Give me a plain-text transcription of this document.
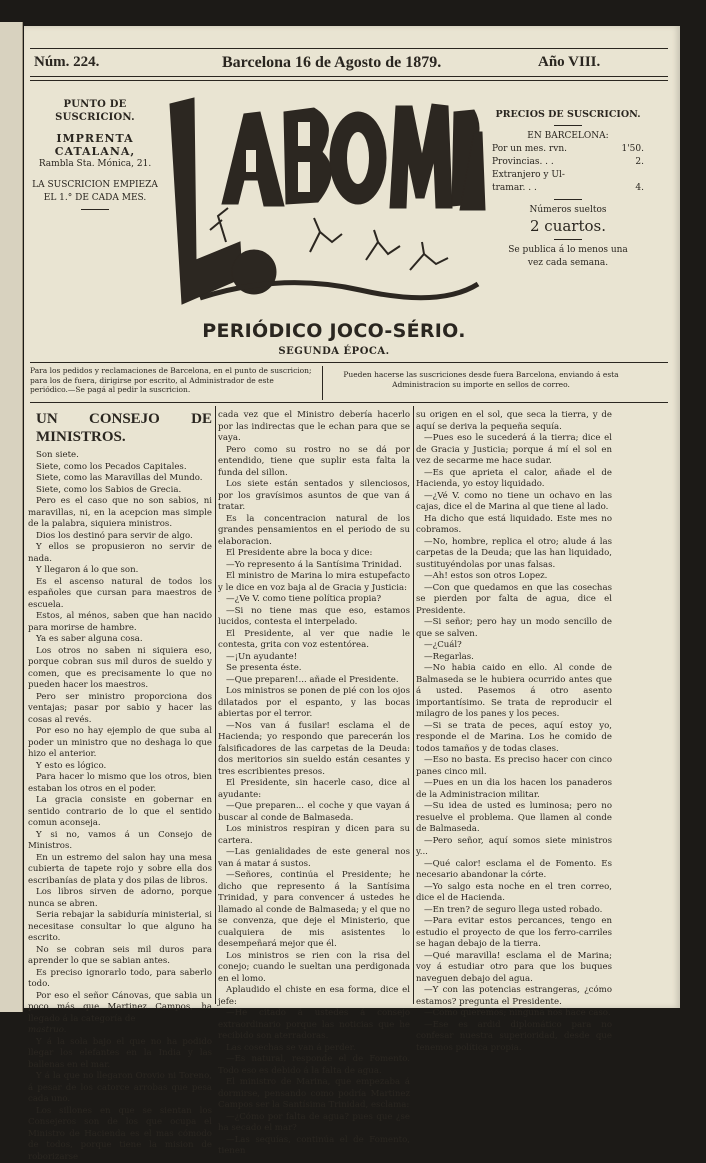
Núm. 224.	Barcelona 16 de Agosto de 1879.	Año VIII.
PUNTO DE SUSCRICION.
IMPRENTA
CATALANA,
Rambla Sta. Mónica, 21.
LA SUSCRICION EMPIEZA
EL 1.° DE CADA MES.
PRECIOS DE SUSCRICION.
EN BARCELONA:
Por un mes. rvn.	1'50.
Provincias. . .	2.
Extranjero y Ul-
tramar. . .	4.
Números sueltos
2 cuartos.
Se publica á lo menos una
vez cada semana.
PERIÓDICO JOCO-SÉRIO.
SEGUNDA ÉPOCA.
Para los pedidos y reclamaciones de Barcelona, en el punto de suscricion; para los de fuera, dirigirse por escrito, al Administrador de este periódico.—Se pagá al pedir la suscricion.
Pueden hacerse las suscriciones desde fuera Barcelona, enviando á esta Administracion su importe en sellos de correo.

UN CONSEJO DE MINISTROS.

Son siete.

Siete, como los Pecados Capitales.

Siete, como las Maravillas del Mundo.

Siete, como los Sabios de Grecia.

Pero es el caso que no son sabios, ni maravillas, ni, en la acepcion mas simple de la palabra, siquiera ministros.

Dios los destinó para servir de algo.

Y ellos se propusieron no servir de nada.

Y llegaron á lo que son.

Es el ascenso natural de todos los españoles que cursan para maestros de escuela.

Estos, al ménos, saben que han nacido para morirse de hambre.

Ya es saber alguna cosa.

Los otros no saben ni siquiera eso, porque cobran sus mil duros de sueldo y comen, que es precisamente lo que no pueden hacer los maestros.

Pero ser ministro proporciona dos ventajas; pasar por sabio y hacer las cosas al revés.

Por eso no hay ejemplo de que suba al poder un ministro que no deshaga lo que hizo el anterior.

Y esto es lógico.

Para hacer lo mismo que los otros, bien estaban los otros en el poder.

La gracia consiste en gobernar en sentido contrario de lo que el sentido comun aconseja.

Y si no, vamos á un Consejo de Ministros.

En un estremo del salon hay una mesa cubierta de tapete rojo y sobre ella dos escribanías de plata y dos pilas de libros.

Los libros sirven de adorno, porque nunca se abren.

Seria rebajar la sabiduría ministerial, si necesitase consultar lo que alguno ha escrito.

No se cobran seis mil duros para aprender lo que se sabian antes.

Es preciso ignorarlo todo, para saberlo todo.

Por eso el señor Cánovas, que sabia un poco más que Martinez Campos, ha llegado á la categoría de

mastruo.

Y á la sola bajo el que no ha podido llegar los elefantes en la India y las ballenas en el mar.

Y á la que no llegaron Orovio ni Toreno, á pesar de los catorce arrobas que pesa cada uno.

Los sillones en que se sientan los Consejeros son de los que ocupa el Ministro de Hacienda es el mas cómodo de todos, porque tiene la mision de roborizarse

cada vez que el Ministro debería hacerlo por las indirectas que le echan para que se vaya.

Pero como su rostro no se dá por entendido, tiene que suplir esta falta la funda del sillon.

Los siete están sentados y silenciosos, por los gravísimos asuntos de que van á tratar.

Es la concentracion natural de los grandes pensamientos en el periodo de su elaboracion.

El Presidente abre la boca y dice:

—Yo represento á la Santísima Trinidad.

El ministro de Marina lo mira estupefacto y le dice en voz baja al de Gracia y Justicia:

—¿Ve V. como tiene política propia?

—Si no tiene mas que eso, estamos lucidos, contesta el interpelado.

El Presidente, al ver que nadie le contesta, grita con voz estentórea.

—¡Un ayudante!

Se presenta éste.

—Que preparen!... añade el Presidente.

Los ministros se ponen de pié con los ojos dilatados por el espanto, y las bocas abiertas por el terror.

—Nos van á fusilar! esclama el de Hacienda; yo respondo que parecerán los falsificadores de las carpetas de la Deuda: dos meritorios sin sueldo están cesantes y tres escribientes presos.

El Presidente, sin hacerle caso, dice al ayudante:

—Que preparen... el coche y que vayan á buscar al conde de Balmaseda.

Los ministros respiran y dicen para su cartera.

—Las genialidades de este general nos van á matar á sustos.

—Señores, continúa el Presidente; he dicho que represento á la Santísima Trinidad, y para convencer á ustedes he llamado al conde de Balmaseda; y el que no se convenza, que deje el Ministerio, que cualquiera de mis asistentes lo desempeñará mejor que él.

Los ministros se rien con la risa del conejo; cuando le sueltan una perdigonada en el lomo.

Aplaudido el chiste en esa forma, dice el jefe:

—He citado á ustedes á consejo extraordinario porque las noticias que he recibido son aterradoras.

Las cosechas se van á perder.

—Es natural, responde el de Fomento. Todo eso es debido á la falta de agua.

El ministro de Marina, que empezaba á dormirse, pensando como podría Martinez Campos ser la Santísima Trinidad, esclama:

—¿Cómo por falta de agua? pues que ¿se ha secado el mar?

—Las sequías, continúa el de Fomento, tienen

su origen en el sol, que seca la tierra, y de aquí se deriva la pequeña sequía.

—Pues eso le sucederá á la tierra; dice el de Gracia y Justicia; porque á mí el sol en vez de secarme me hace sudar.

—Es que aprieta el calor, añade el de Hacienda, yo estoy liquidado.

—¿Vé V. como no tiene un ochavo en las cajas, dice el de Marina al que tiene al lado.

Ha dicho que está liquidado. Este mes no cobramos.

—No, hombre, replica el otro; alude á las carpetas de la Deuda; que las han liquidado, sustituyéndolas por unas falsas.

—Ah! estos son otros Lopez.

—Con que quedamos en que las cosechas se pierden por falta de agua, dice el Presidente.

—Si señor; pero hay un modo sencillo de que se salven.

—¿Cuál?

—Regarlas.

—No habia caido en ello. Al conde de Balmaseda se le hubiera ocurrido antes que á usted. Pasemos á otro asento importantísimo. Se trata de reproducir el milagro de los panes y los peces.

—Si se trata de peces, aquí estoy yo, responde el de Marina. Los he comido de todos tamaños y de todas clases.

—Eso no basta. Es preciso hacer con cinco panes cinco mil.

—Pues en un dia los hacen los panaderos de la Administracion militar.

—Su idea de usted es luminosa; pero no resuelve el problema. Que llamen al conde de Balmaseda.

—Pero señor, aquí somos siete ministros y...

—Qué calor! esclama el de Fomento. Es necesario abandonar la córte.

—Yo salgo esta noche en el tren correo, dice el de Hacienda.

—En tren? de seguro llega usted robado.

—Para evitar estos percances, tengo en estudio el proyecto de que los ferro-carriles se hagan debajo de la tierra.

—Qué maravilla! esclama el de Marina; voy á estudiar otro para que los buques naveguen debajo del agua.

—Y con las potencias estrangeras, ¿cómo estamos? pregunta el Presidente.

—Como queremos; ninguna nos hace caso.

—Ese es ardid diplomático para no confesar nuestra superioridad, desde que tenemos política propia.
